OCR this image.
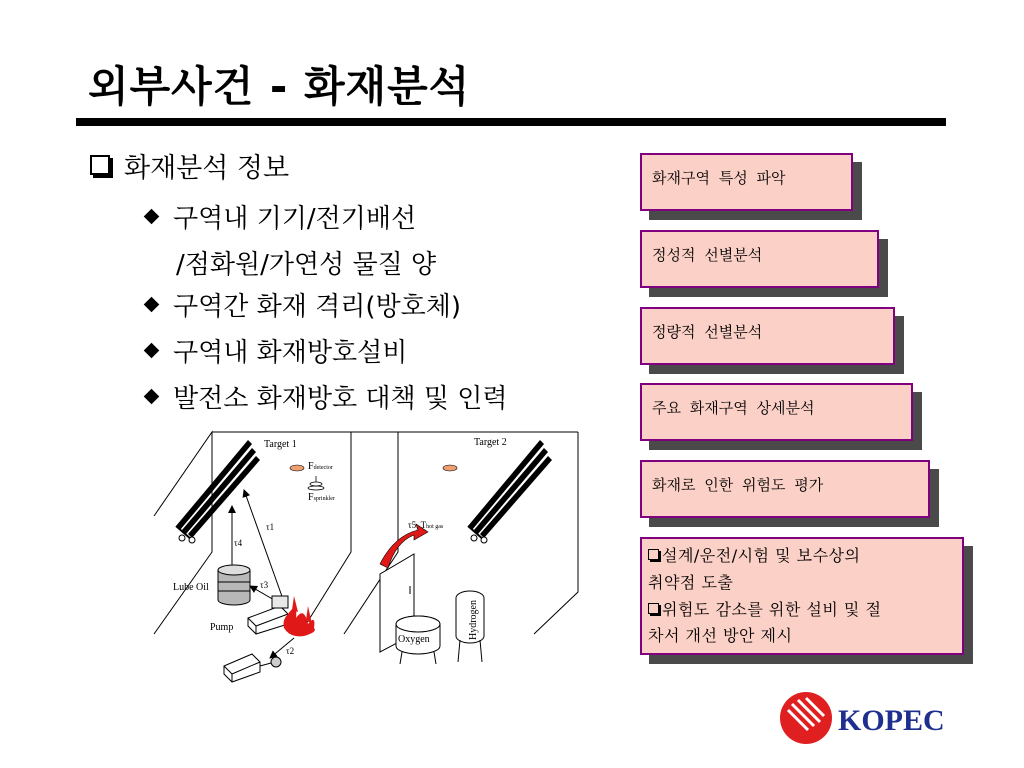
외부사건 - 화재분석
화재분석 정보
구역내 기기/전기배선
/점화원/가연성 물질 양
구역간 화재 격리(방호체)
구역내 화재방호설비
발전소 화재방호 대책 및 인력
화재구역 특성 파악
정성적 선별분석
정량적 선별분석
주요 화재구역 상세분석
화재로 인한 위험도 평가
설계/운전/시험 및 보수상의
취약점 도출
위험도 감소를 위한 설비 및 절
차서 개선 방안 제시
Target 1	Target 2
Fdetector
Fsprinkler
τ4
τ1
τ3
τ2
Lube Oil
Pump
τ5, Thot gas
Oxygen	Hydrogen
KOPEC
